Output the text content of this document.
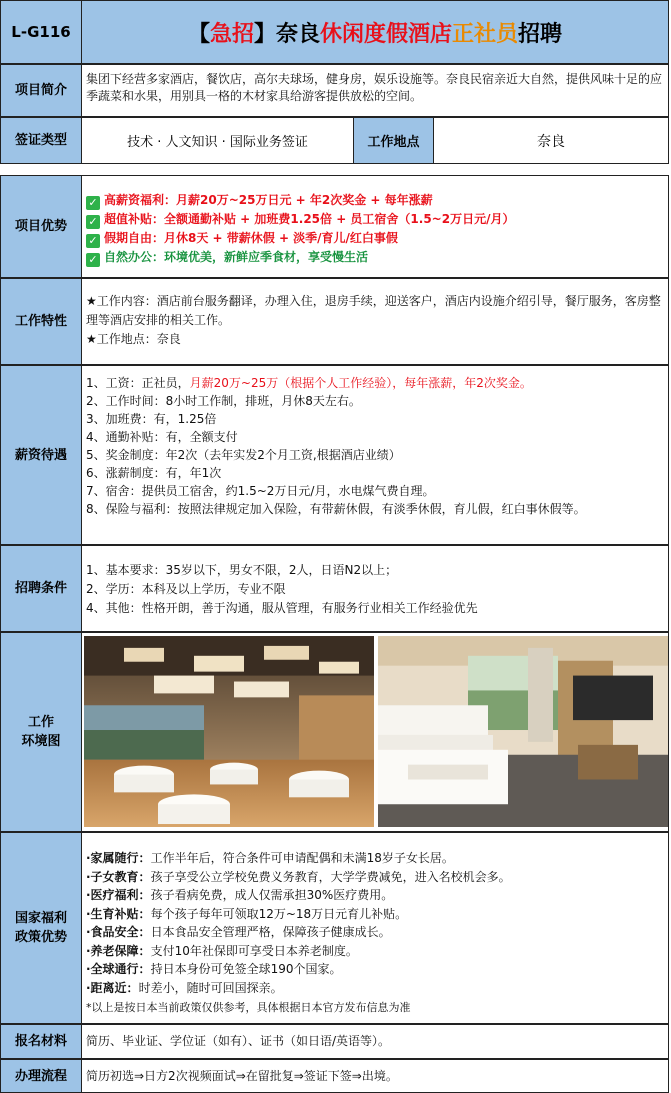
L-G116	【急招】奈良休闲度假酒店正社员招聘
项目简介
集团下经营多家酒店，餐饮店，高尔夫球场，健身房，娱乐设施等。奈良民宿亲近大自然，提供风味十足的应季蔬菜和水果，用别具一格的木材家具给游客提供放松的空间。
签证类型	技术 · 人文知识 · 国际业务签证	工作地点	奈良
项目优势
✓ 高薪资福利：月薪20万~25万日元 + 年2次奖金 + 每年涨薪
✓ 超值补贴：全额通勤补贴 + 加班费1.25倍 + 员工宿舍（1.5~2万日元/月）
✓ 假期自由：月休8天 + 带薪休假 + 淡季/育儿/红白事假
✓ 自然办公：环境优美，新鲜应季食材，享受慢生活
工作特性
★工作内容：酒店前台服务翻译，办理入住，退房手续，迎送客户，酒店内设施介绍引导，餐厅服务，客房整理等酒店安排的相关工作。
★工作地点：奈良
薪资待遇
1、工资：正社员，月薪20万~25万（根据个人工作经验），每年涨薪，年2次奖金。
2、工作时间：8小时工作制，排班，月休8天左右。
3、加班费：有，1.25倍
4、通勤补贴：有，全额支付
5、奖金制度：年2次（去年实发2个月工资,根据酒店业绩）
6、涨薪制度：有，年1次
7、宿舍：提供员工宿舍，约1.5~2万日元/月，水电煤气费自理。
8、保险与福利：按照法律规定加入保险，有带薪休假，有淡季休假，育儿假，红白事休假等。
招聘条件
1、基本要求：35岁以下，男女不限，2人，日语N2以上；
2、学历：本科及以上学历，专业不限
4、其他：性格开朗，善于沟通，服从管理，有服务行业相关工作经验优先
工作
环境图
国家福利
政策优势
·家属随行：工作半年后，符合条件可申请配偶和未满18岁子女长居。
·子女教育：孩子享受公立学校免费义务教育，大学学费减免，进入名校机会多。
·医疗福利：孩子看病免费，成人仅需承担30%医疗费用。
·生育补贴：每个孩子每年可领取12万~18万日元育儿补贴。
·食品安全：日本食品安全管理严格，保障孩子健康成长。
·养老保障：支付10年社保即可享受日本养老制度。
·全球通行：持日本身份可免签全球190个国家。
·距离近：时差小，随时可回国探亲。
*以上是按日本当前政策仅供参考，具体根据日本官方发布信息为准
报名材料	简历、毕业证、学位证（如有）、证书（如日语/英语等）。
办理流程	简历初选⇒日方2次视频面试⇒在留批复⇒签证下签⇒出境。
